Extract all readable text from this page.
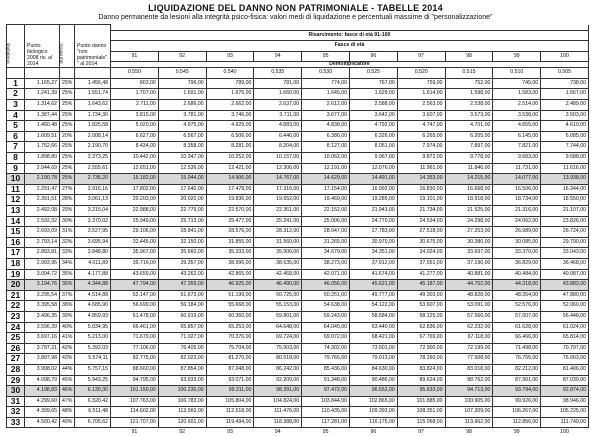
LIQUIDAZIONE DEL DANNO NON PATRIMONIALE - TABELLE 2014
Danno permanente da lesioni alla integrità psico-fisica: valori medi di liquidazione e percentuali massime di "personalizzazione"
invalidità	Punto biologico 2008 riv. al 2014	aumento	Punto danno "non patrimoniale" " al 2014										
				Risarcimento: fasce di età 91-100									
				Fasce di età									
				91	92	93	94	95	96	97	98	99	100
				Demoltiplicatore									
				0,550	0,545	0,540	0,535	0,530	0,525	0,520	0,515	0,510	0,505
1	1.165,27	25%	1.456,48	803,00	796,00	789,00	781,00	774,00	767,00	759,00	752,00	745,00	738,00
2	1.241,39	25%	1.551,74	1.707,00	1.691,00	1.676,00	1.660,00	1.645,00	1.629,00	1.614,00	1.598,00	1.583,00	1.567,00
3	1.314,62	25%	1.643,62	2.711,00	2.686,00	2.662,00	2.637,00	2.612,00	2.588,00	2.563,00	2.538,00	2.514,00	2.489,00
4	1.387,44	25%	1.734,30	3.815,00	3.781,00	3.746,00	3.711,00	3.677,00	3.642,00	3.607,00	3.573,00	3.538,00	3.503,00
5	1.460,48	25%	1.825,58	5.020,00	4.975,00	4.929,00	4.883,00	4.838,00	4.792,00	4.747,00	4.701,00	4.655,00	4.610,00
6	1.609,51	20%	2.008,14	6.627,00	6.567,00	6.506,00	6.446,00	6.386,00	6.326,00	6.265,00	6.205,00	6.145,00	6.085,00
7	1.752,66	25%	2.190,70	8.434,00	8.358,00	8.281,00	8.204,00	8.127,00	8.051,00	7.974,00	7.897,00	7.821,00	7.744,00
8	1.898,80	25%	2.373,25	10.442,00	10.347,00	10.252,00	10.157,00	10.062,00	9.967,00	9.872,00	9.778,00	9.683,00	9.588,00
9	2.044,69	25%	2.555,61	12.651,00	12.536,00	12.421,00	12.306,00	12.191,00	12.076,00	11.961,00	11.846,00	11.731,00	11.616,00
10	2.190,78	25%	2.738,20	15.182,00	15.044,00	14.906,00	14.767,00	14.629,00	14.491,00	14.353,00	14.215,00	14.077,00	13.938,00
11	2.291,47	27%	2.916,16	17.802,00	17.640,00	17.478,00	17.316,00	17.154,00	16.992,00	16.830,00	16.668,00	16.506,00	16.344,00
12	2.391,51	28%	3.061,13	20.203,00	20.020,00	19.836,00	19.652,00	19.469,00	19.285,00	19.101,00	18.918,00	18.734,00	18.550,00
13	2.492,08	29%	3.215,04	22.988,00	22.779,00	22.570,00	22.361,00	22.152,00	21.943,00	21.734,00	21.525,00	21.316,00	21.107,00
14	2.592,32	30%	3.370,02	25.949,00	25.713,00	25.477,00	25.241,00	25.006,00	24.770,00	24.534,00	24.298,00	24.062,00	23.826,00
15	2.693,09	31%	3.527,95	29.106,00	28.841,00	28.576,00	28.312,00	28.047,00	27.783,00	27.518,00	27.253,00	26.989,00	26.724,00
16	2.793,14	32%	3.695,94	32.445,00	32.150,00	31.855,00	31.560,00	31.265,00	30.970,00	30.675,00	30.380,00	30.085,00	29.790,00
17	2.893,81	33%	3.848,80	35.967,00	35.660,00	35.333,00	35.006,00	34.679,00	34.351,00	34.024,00	33.697,00	33.370,00	33.043,00
18	2.993,95	34%	4.011,89	39.716,00	39.357,00	38.996,00	38.635,00	38.273,00	37.912,00	37.551,00	37.190,00	36.829,00	36.468,00
19	3.094,72	35%	4.177,88	43.659,00	43.262,00	42.865,00	42.468,00	42.071,00	41.674,00	41.277,00	40.881,00	40.484,00	40.087,00
20	3.194,76	36%	4.344,88	47.794,00	47.359,00	46.925,00	46.490,00	46.056,00	45.621,00	45.187,00	44.752,00	44.318,00	43.883,00
21	3.295,54	37%	4.514,88	52.147,00	51.673,00	51.199,00	50.725,00	50.251,00	49.777,00	49.303,00	48.828,00	48.354,00	47.880,00
22	3.395,58	38%	4.685,90	56.699,00	56.184,00	55.668,00	55.153,00	54.638,00	54.122,00	53.607,00	53.091,00	52.576,00	52.060,00
23	3.496,35	39%	4.859,93	61.478,00	60.919,00	60.360,00	59.801,00	59.243,00	58.684,00	58.125,00	57.566,00	57.007,00	56.448,00
24	3.596,39	40%	5.034,95	66.461,00	65.857,00	65.253,00	64.648,00	64.045,00	63.440,00	62.836,00	62.232,00	61.628,00	61.024,00
25	3.697,16	41%	5.213,00	71.679,00	71.027,00	70.376,00	69.724,00	69.072,00	68.421,00	67.769,00	67.118,00	66.466,00	65.814,00
26	3.797,21	42%	5.392,03	77.106,00	76.405,00	75.704,00	75.003,00	74.302,00	73.601,00	72.900,00	72.199,00	71.498,00	70.797,00
27	3.897,98	43%	5.574,11	82.775,00	82.023,00	81.270,00	80.518,00	79.765,00	79.013,00	78.260,00	77.508,00	76.755,00	76.003,00
28	3.998,02	44%	5.757,15	88.660,00	87.854,00	87.048,00	86.242,00	85.436,00	84.630,00	83.824,00	83.018,00	82.212,00	81.406,00
29	4.098,79	45%	5.943,25	94.795,00	93.933,00	93.071,00	92.209,00	91.348,00	90.486,00	89.624,00	88.762,00	87.901,00	87.039,00
30	4.198,83	46%	6.130,30	101.150,00	100.230,00	99.311,00	98.391,00	97.472,00	96.552,00	95.633,00	94.713,00	93.794,00	92.874,00
31	4.299,60	47%	6.320,42	107.763,00	106.783,00	105.804,00	104.824,00	103.844,00	102.865,00	101.885,00	100.905,00	99.926,00	98.946,00
32	4.399,65	48%	6.511,48	114.602,00	113.560,00	112.518,00	111.476,00	110.435,00	109.393,00	108.351,00	107.309,00	106.267,00	105.225,00
33	4.500,42	49%	6.705,62	121.707,00	120.601,00	119.494,00	118.388,00	117.281,00	116.175,00	115.068,00	113.962,00	112.856,00	111.749,00
				91	92	93	94	95	96	97	98	99	100
